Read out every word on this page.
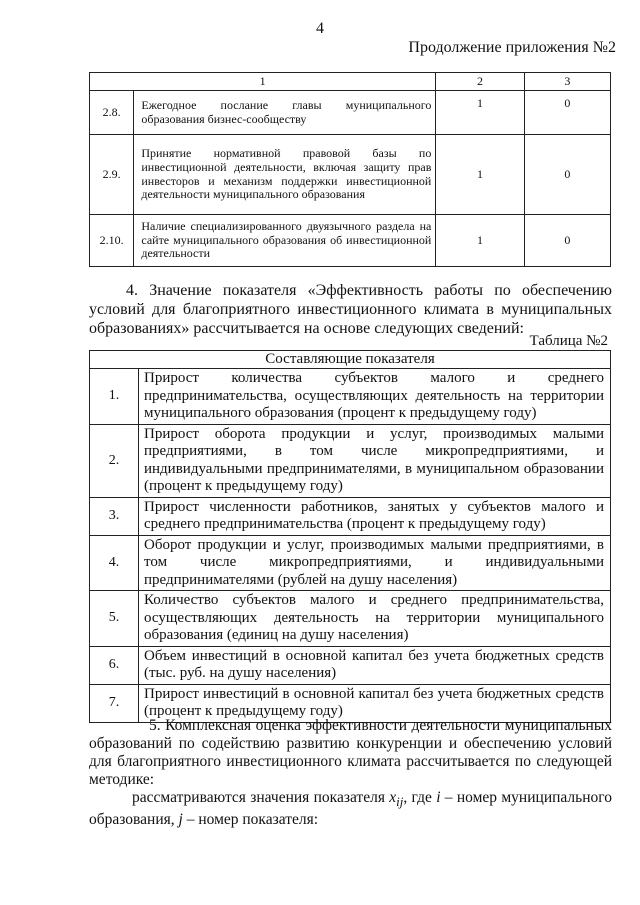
4
Продолжение приложения №2
1		2	3
2.8.	Ежегодное послание главы муниципального образования бизнес-сообществу	1	0
2.9.	Принятие нормативной правовой базы по инвестиционной деятельности, включая защиту прав инвесторов и механизм поддержки инвестиционной деятельности муниципального образования	1	0
2.10.	Наличие специализированного двуязычного раздела на сайте муниципального образования об инвестиционной деятельности	1	0

4. Значение показателя «Эффективность работы по обеспечению условий для благоприятного инвестиционного климата в муниципальных образованиях» рассчитывается на основе следующих сведений:

Таблица №2
Составляющие показателя	
1.	Прирост количества субъектов малого и среднего предпринимательства, осуществляющих деятельность на территории муниципального образования (процент к предыдущему году)
2.	Прирост оборота продукции и услуг, производимых малыми предприятиями, в том числе микропредприятиями, и индивидуальными предпринимателями, в муниципальном образовании (процент к предыдущему году)
3.	Прирост численности работников, занятых у субъектов малого и среднего предпринимательства (процент к предыдущему году)
4.	Оборот продукции и услуг, производимых малыми предприятиями, в том числе микропредприятиями, и индивидуальными предпринимателями (рублей на душу населения)
5.	Количество субъектов малого и среднего предпринимательства, осуществляющих деятельность на территории муниципального образования (единиц на душу населения)
6.	Объем инвестиций в основной капитал без учета бюджетных средств (тыс. руб. на душу населения)
7.	Прирост инвестиций в основной капитал без учета бюджетных средств (процент к предыдущему году)

5. Комплексная оценка эффективности деятельности муниципальных образований по содействию развитию конкуренции и обеспечению условий для благоприятного инвестиционного климата рассчитывается по следующей методике:

рассматриваются значения показателя $x_{ij}$, где i – номер муниципального образования, j – номер показателя:
